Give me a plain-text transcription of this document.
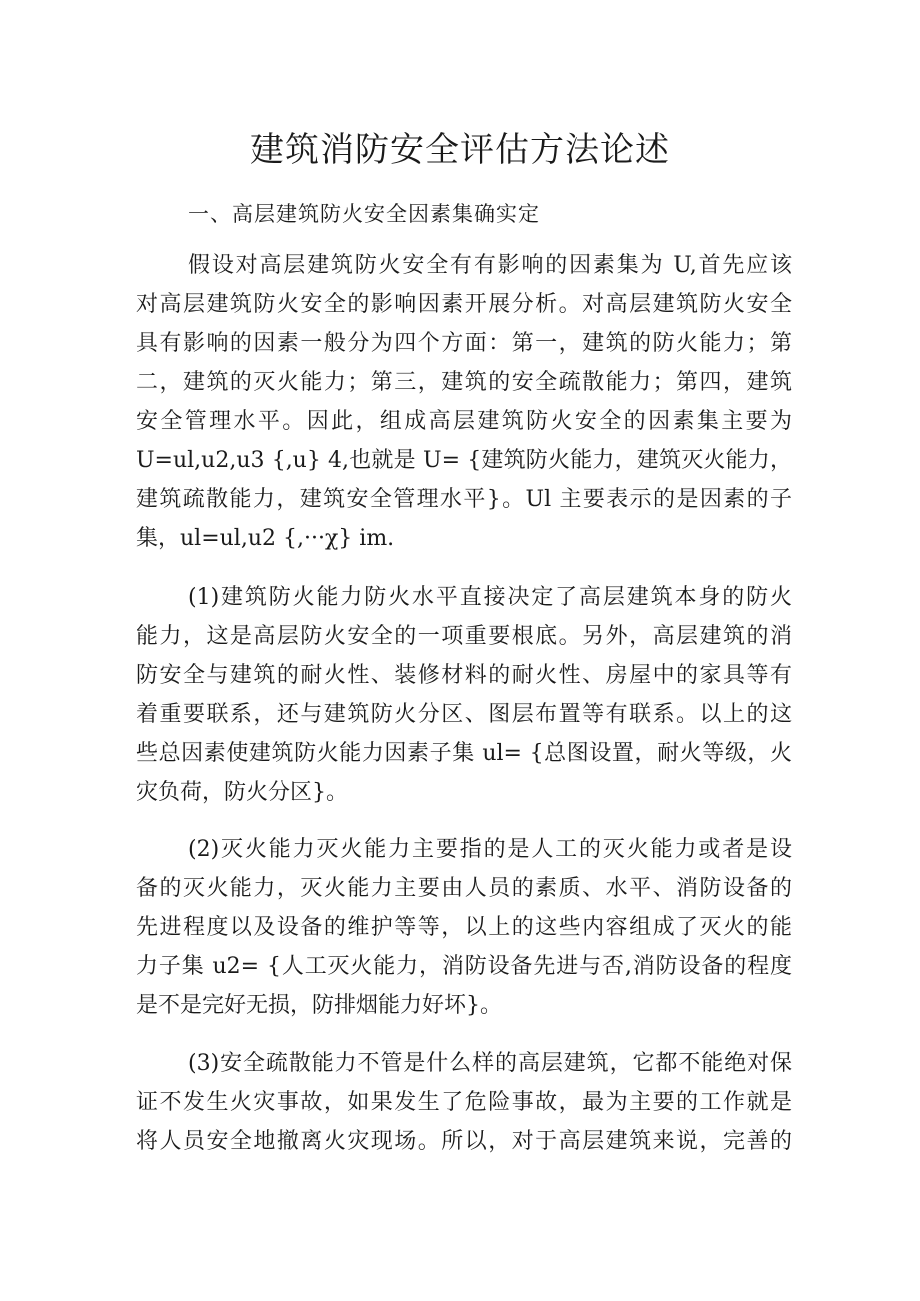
建筑消防安全评估方法论述
一、高层建筑防火安全因素集确实定
假设对高层建筑防火安全有有影响的因素集为 U,首先应该
对高层建筑防火安全的影响因素开展分析。对高层建筑防火安全
具有影响的因素一般分为四个方面：第一，建筑的防火能力；第
二，建筑的灭火能力；第三，建筑的安全疏散能力；第四，建筑
安全管理水平。因此，组成高层建筑防火安全的因素集主要为
U=ul,u2,u3 {,u} 4,也就是 U= {建筑防火能力，建筑灭火能力，
建筑疏散能力，建筑安全管理水平}。Ul 主要表示的是因素的子
集，ul=ul,u2 {,···χ} im.
(1)建筑防火能力防火水平直接决定了高层建筑本身的防火
能力，这是高层防火安全的一项重要根底。另外，高层建筑的消
防安全与建筑的耐火性、装修材料的耐火性、房屋中的家具等有
着重要联系，还与建筑防火分区、图层布置等有联系。以上的这
些总因素使建筑防火能力因素子集 ul= {总图设置，耐火等级，火
灾负荷，防火分区}。
(2)灭火能力灭火能力主要指的是人工的灭火能力或者是设
备的灭火能力，灭火能力主要由人员的素质、水平、消防设备的
先进程度以及设备的维护等等，以上的这些内容组成了灭火的能
力子集 u2= {人工灭火能力，消防设备先进与否,消防设备的程度
是不是完好无损，防排烟能力好坏}。
(3)安全疏散能力不管是什么样的高层建筑，它都不能绝对保
证不发生火灾事故，如果发生了危险事故，最为主要的工作就是
将人员安全地撤离火灾现场。所以，对于高层建筑来说，完善的
